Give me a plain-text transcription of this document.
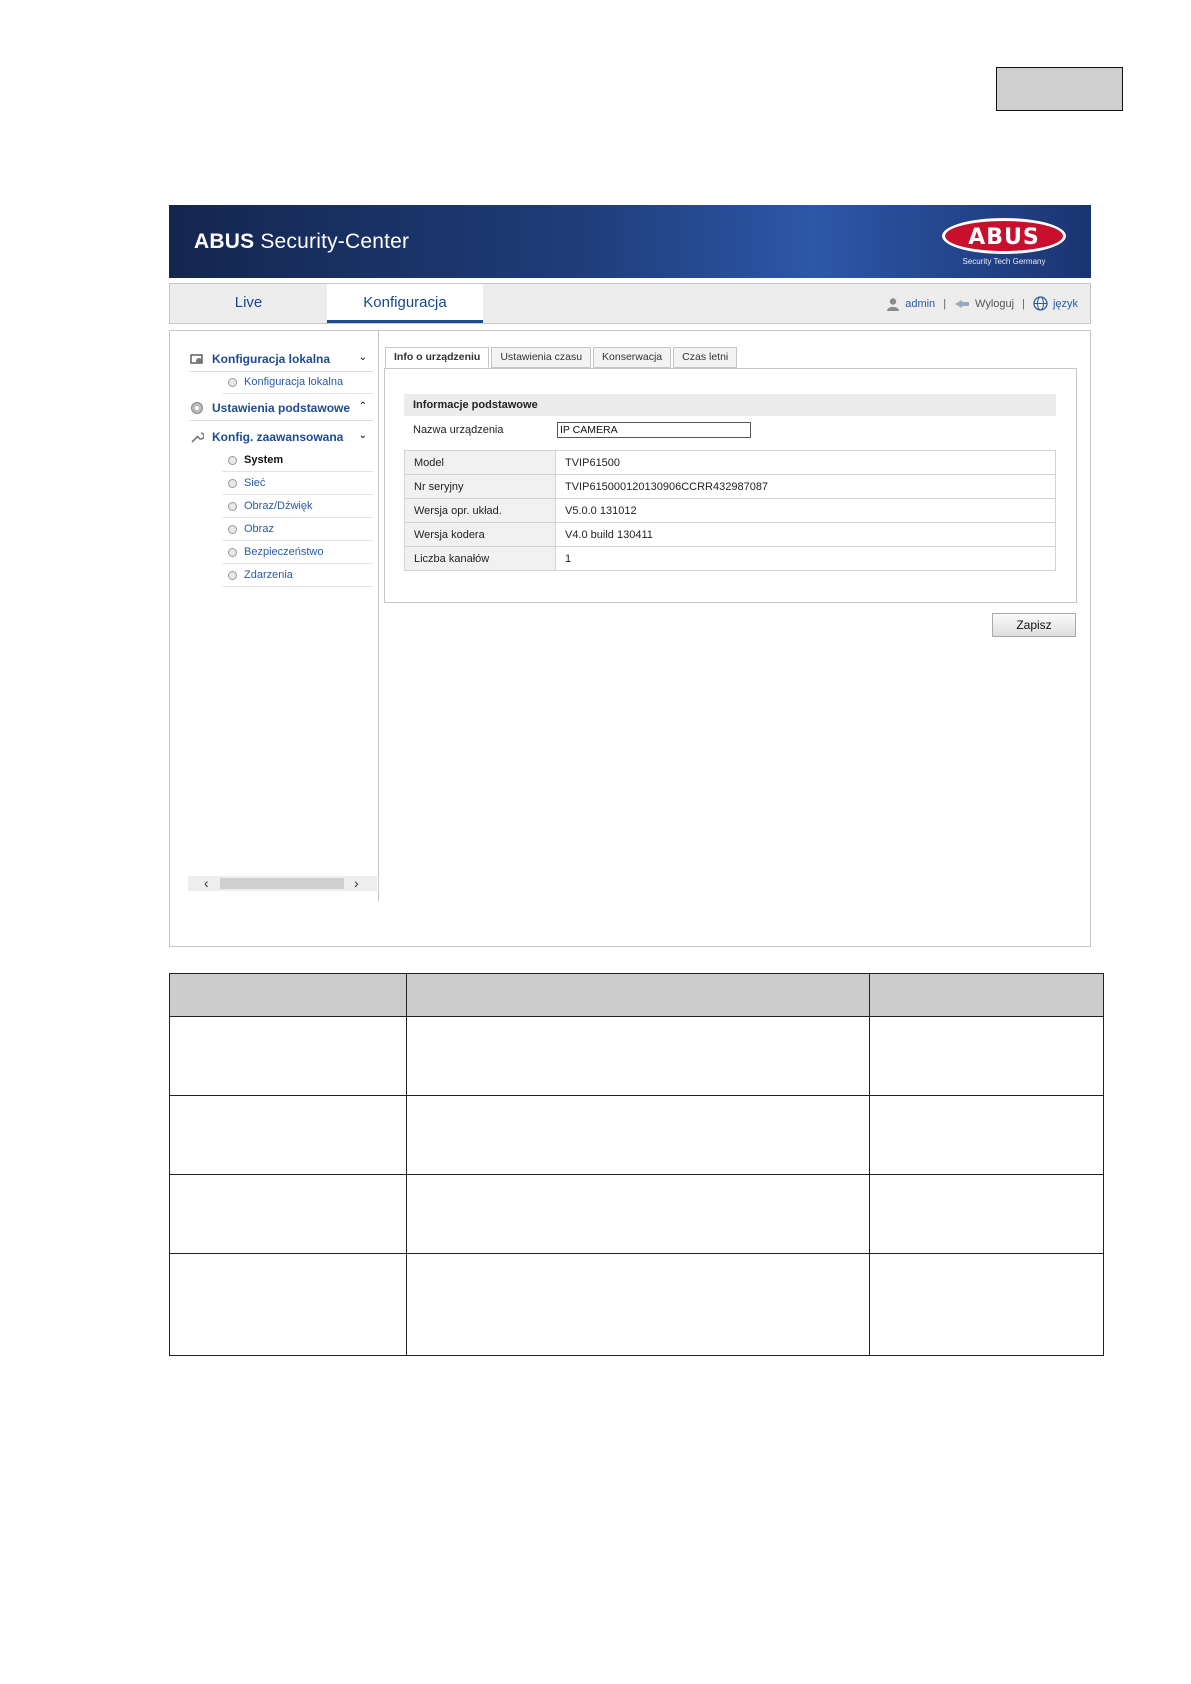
ABUS Security-Center	ABUS
Security Tech Germany
Live	Konfiguracja	admin |	Wyloguj |	język
Konfiguracja lokalna	⌄
Konfiguracja lokalna
Ustawienia podstawowe ⌃
Konfig. zaawansowana ⌄
System
Sieć
Obraz/Dźwięk
Obraz
Bezpieczeństwo
Zdarzenia
‹	›
Info o urządzeniu	Ustawienia czasu	Konserwacja	Czas letni
Informacje podstawowe
Nazwa urządzenia
IP CAMERA
Model	TVIP61500
Nr seryjny	TVIP615000120130906CCRR432987087
Wersja opr. układ.	V5.0.0 131012
Wersja kodera	V4.0 build 130411
Liczba kanałów	1
Zapisz
